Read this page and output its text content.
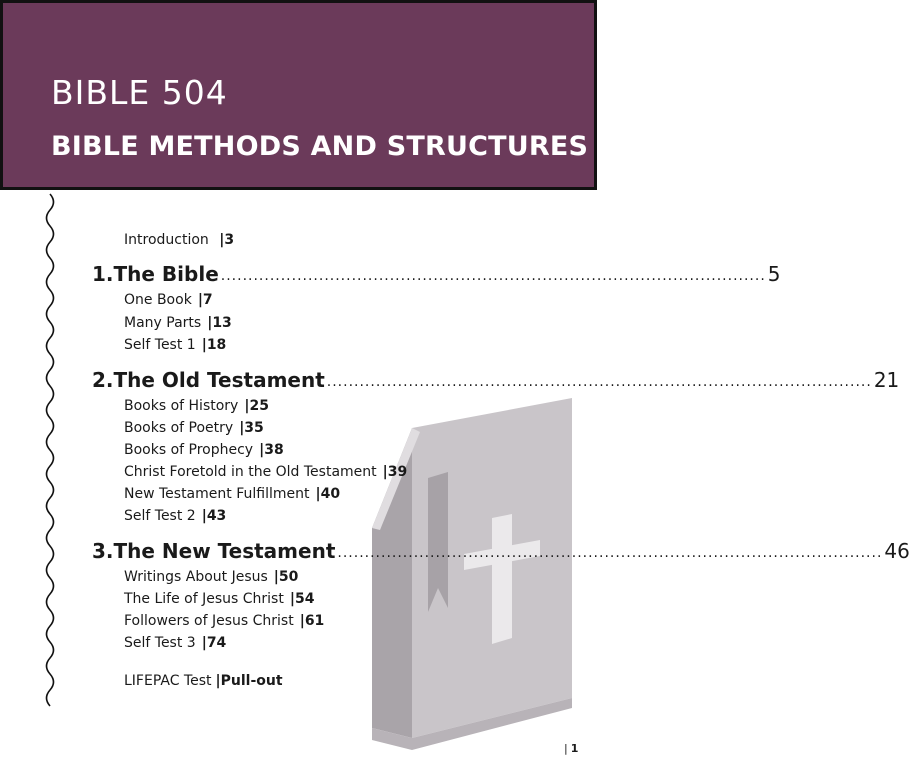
BIBLE 504
BIBLE METHODS AND STRUCTURES
Introduction |3
1. The Bible .................................................................................................... 5
One Book |7
Many Parts |13
Self Test 1 |18
2. The Old Testament .................................................................................................... 21
Books of History |25
Books of Poetry |35
Books of Prophecy |38
Christ Foretold in the Old Testament |39
New Testament Fulfillment |40
Self Test 2 |43
3. The New Testament .................................................................................................... 46
Writings About Jesus |50
The Life of Jesus Christ |54
Followers of Jesus Christ |61
Self Test 3 |74
LIFEPAC Test |Pull-out
| 1
